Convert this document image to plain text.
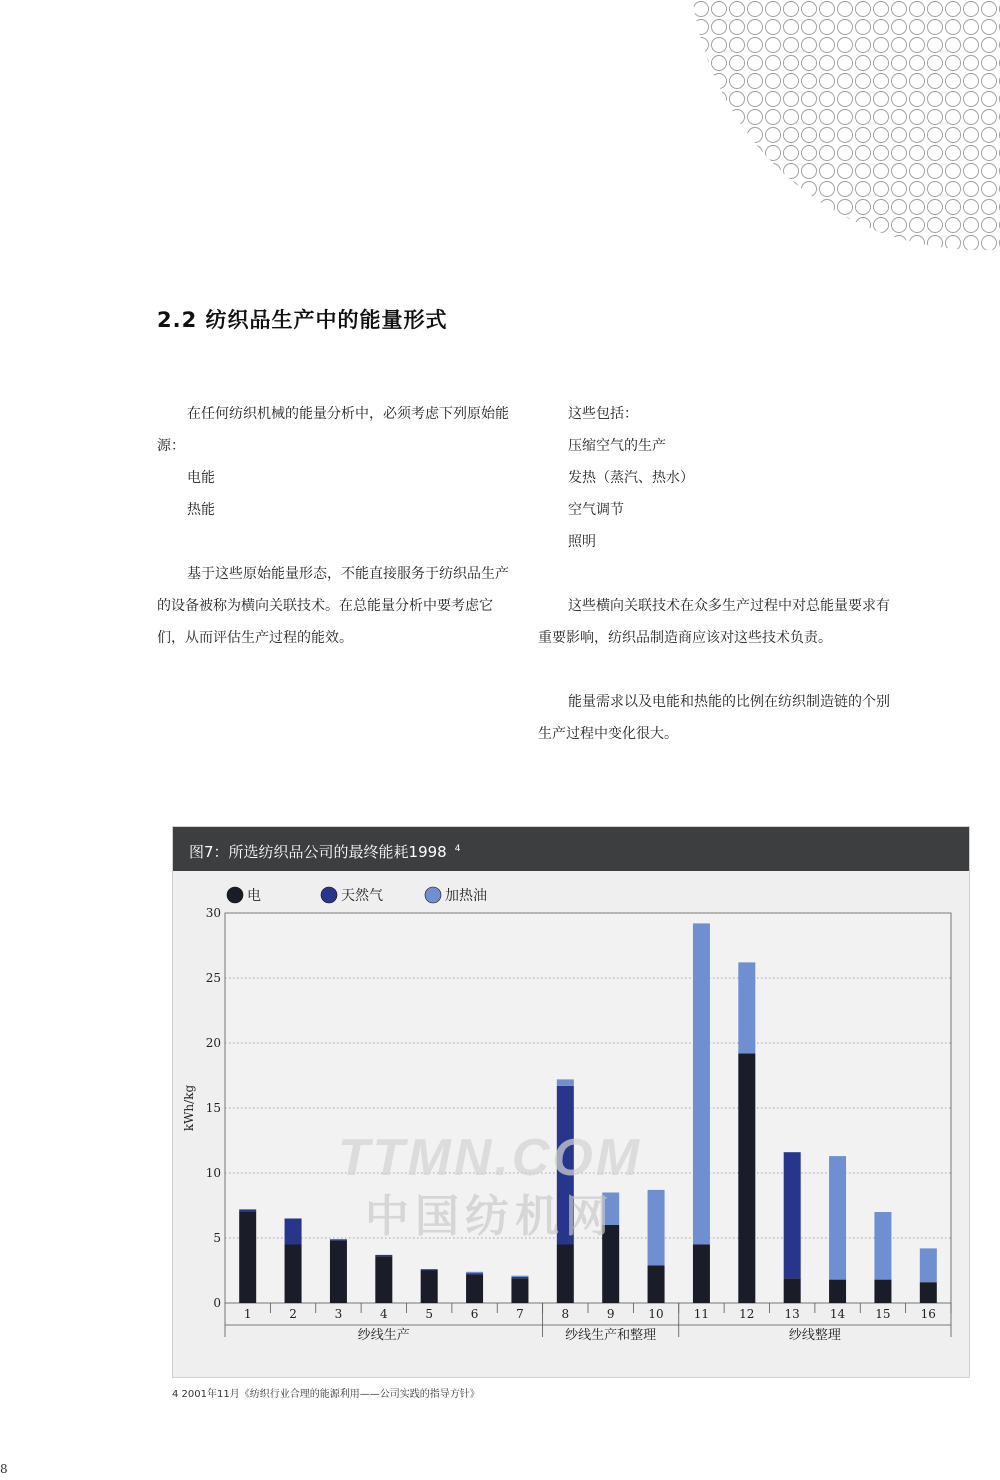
2.2 纺织品生产中的能量形式

在任何纺织机械的能量分析中，必须考虑下列原始能源：

电能

热能

基于这些原始能量形态，不能直接服务于纺织品生产的设备被称为横向关联技术。在总能量分析中要考虑它们，从而评估生产过程的能效。

这些包括：

压缩空气的生产

发热（蒸汽、热水）

空气调节

照明

这些横向关联技术在众多生产过程中对总能量要求有重要影响，纺织品制造商应该对这些技术负责。

能量需求以及电能和热能的比例在纺织制造链的个别生产过程中变化很大。

图7：所选纺织品公司的最终能耗1998 $^4$
0
5
10
15
20
25
30
kWh/kg
电	天然气	加热油
1	2	3	4	5	6	7	8	9	10	11	12	13	14	15	16
纱线生产	纱线生产和整理	纱线整理
4 2001年11月《纺织行业合理的能源利用——公司实践的指导方针》
8
TTMN.COM
中国纺机网
